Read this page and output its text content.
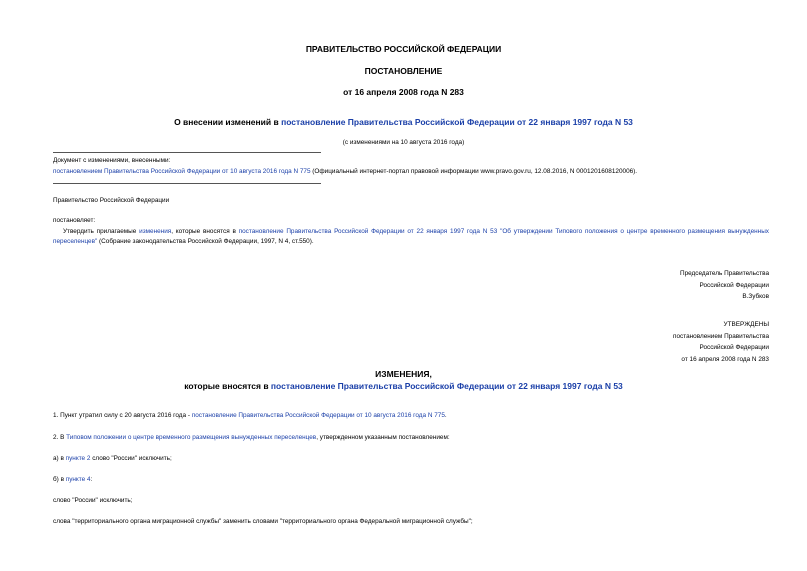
ПРАВИТЕЛЬСТВО РОССИЙСКОЙ ФЕДЕРАЦИИ
ПОСТАНОВЛЕНИЕ
от 16 апреля 2008 года N 283
О внесении изменений в постановление Правительства Российской Федерации от 22 января 1997 года N 53
(с изменениями на 10 августа 2016 года)
Документ с изменениями, внесенными:
постановлением Правительства Российской Федерации от 10 августа 2016 года N 775 (Официальный интернет-портал правовой информации www.pravo.gov.ru, 12.08.2016, N 0001201608120006).
Правительство Российской Федерации
постановляет:
Утвердить прилагаемые изменения, которые вносятся в постановление Правительства Российской Федерации от 22 января 1997 года N 53 "Об утверждении Типового положения о центре временного размещения вынужденных переселенцев" (Собрание законодательства Российской Федерации, 1997, N 4, ст.550).
Председатель Правительства
Российской Федерации
В.Зубков
УТВЕРЖДЕНЫ
постановлением Правительства
Российской Федерации
от 16 апреля 2008 года N 283
ИЗМЕНЕНИЯ,
которые вносятся в постановление Правительства Российской Федерации от 22 января 1997 года N 53
1. Пункт утратил силу с 20 августа 2016 года - постановление Правительства Российской Федерации от 10 августа 2016 года N 775.
2. В Типовом положении о центре временного размещения вынужденных переселенцев, утвержденном указанным постановлением:
а) в пункте 2 слово "России" исключить;
б) в пункте 4:
слово "России" исключить;
слова "территориального органа миграционной службы" заменить словами "территориального органа Федеральной миграционной службы";
